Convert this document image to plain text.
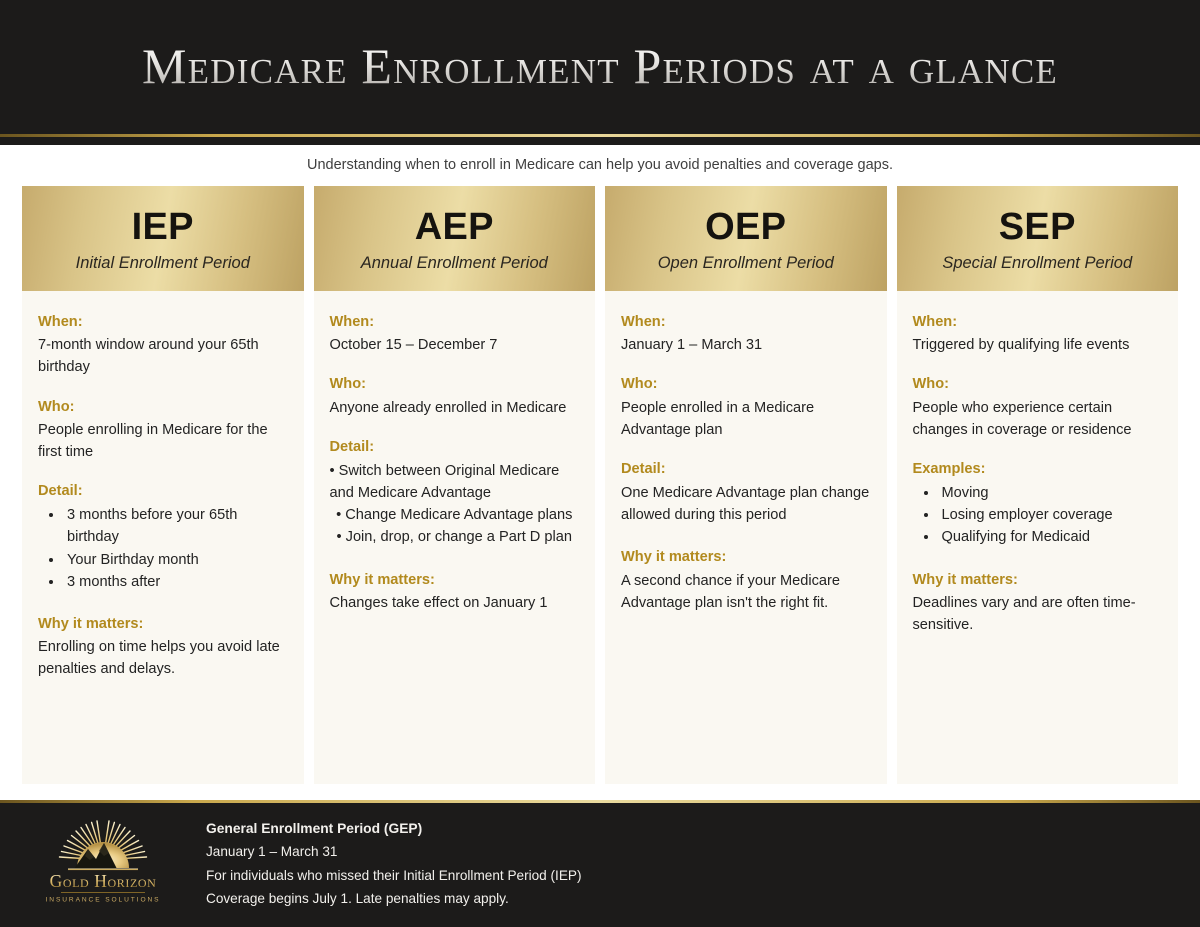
Medicare Enrollment Periods at a glance
Understanding when to enroll in Medicare can help you avoid penalties and coverage gaps.
IEP
Initial Enrollment Period
When:
7-month window around your 65th birthday
Who:
People enrolling in Medicare for the first time
Detail:
• 3 months before your 65th birthday
• Your Birthday month
• 3 months after
Why it matters:
Enrolling on time helps you avoid late penalties and delays.
AEP
Annual Enrollment Period
When:
October 15 – December 7
Who:
Anyone already enrolled in Medicare
Detail:
• Switch between Original Medicare and Medicare Advantage
• Change Medicare Advantage plans
• Join, drop, or change a Part D plan
Why it matters:
Changes take effect on January 1
OEP
Open Enrollment Period
When:
January 1 – March 31
Who:
People enrolled in a Medicare Advantage plan
Detail:
One Medicare Advantage plan change allowed during this period
Why it matters:
A second chance if your Medicare Advantage plan isn't the right fit.
SEP
Special Enrollment Period
When:
Triggered by qualifying life events
Who:
People who experience certain changes in coverage or residence
Examples:
• Moving
• Losing employer coverage
• Qualifying for Medicaid
Why it matters:
Deadlines vary and are often time-sensitive.
Gold Horizon
INSURANCE SOLUTIONS
General Enrollment Period (GEP)
January 1 – March 31
For individuals who missed their Initial Enrollment Period (IEP)
Coverage begins July 1. Late penalties may apply.
